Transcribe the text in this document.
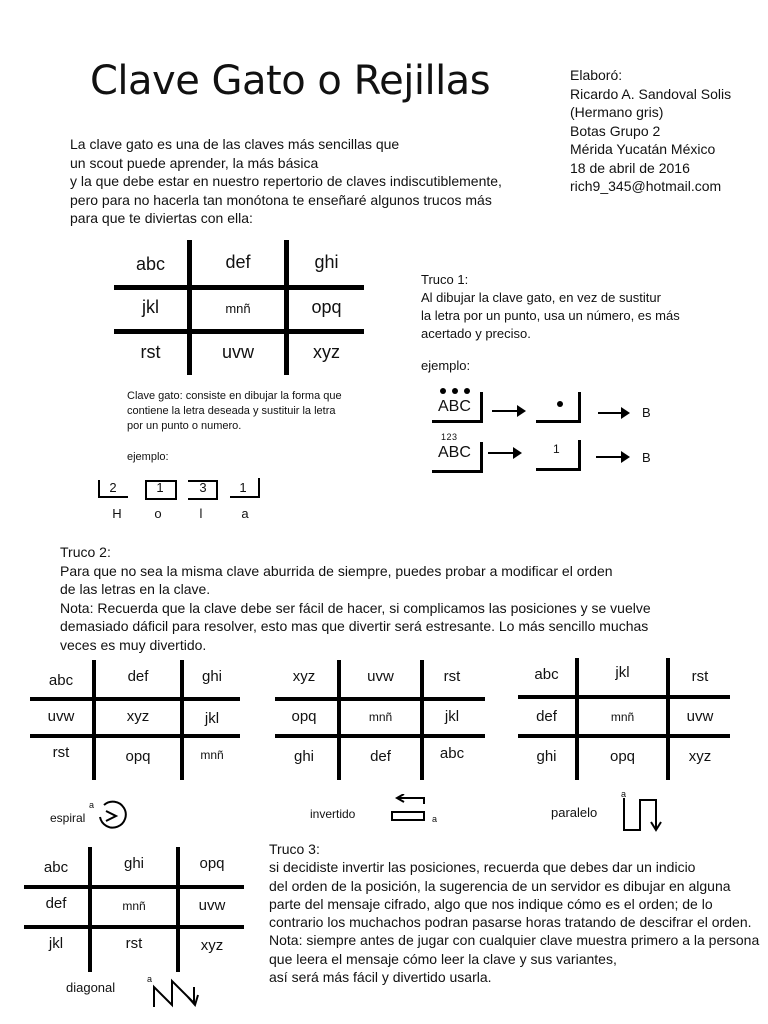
Clave Gato o Rejillas	Elaboró:
Ricardo A. Sandoval Solis
(Hermano gris)
Botas Grupo 2
Mérida Yucatán México
18 de abril de 2016
rich9_345@hotmail.com
La clave gato es una de las claves más sencillas que
un scout puede aprender, la más básica
y la que debe estar en nuestro repertorio de claves indiscutiblemente,
pero para no hacerla tan monótona te enseñaré algunos trucos más
para que te diviertas con ella:
abc	def	ghi
jkl	mnñ	opq
rst	uvw	xyz
Clave gato: consiste en dibujar la forma que
contiene la letra deseada y sustituir la letra
por un punto o numero.
ejemplo:
2	1	3	1
H	o	l	a
Truco 1:
Al dibujar la clave gato, en vez de sustitur
la letra por un punto, usa un número, es más
acertado y preciso.
ejemplo:
ABC	B
1 2 3
ABC	1
B
Truco 2:
Para que no sea la misma clave aburrida de siempre, puedes probar a modificar el orden
de las letras en la clave.
Nota: Recuerda que la clave debe ser fácil de hacer, si complicamos las posiciones y se vuelve
demasiado dáficil para resolver, esto mas que divertir será estresante. Lo más sencillo muchas
veces es muy divertido.
abc	def	ghi
uvw	xyz	jkl
rst	opq	mnñ
espiral
a
xyz	uvw	rst
opq	mnñ	jkl
ghi	def	abc
invertido	a
abc	jkl	rst
def	mnñ	uvw
ghi	opq	xyz
paralelo
a
Truco 3:
si decidiste invertir las posiciones, recuerda que debes dar un indicio
del orden de la posición, la sugerencia de un servidor es dibujar en alguna
parte del mensaje cifrado, algo que nos indique cómo es el orden; de lo
contrario los muchachos podran pasarse horas tratando de descifrar el orden.
Nota: siempre antes de jugar con cualquier clave muestra primero a la persona
que leera el mensaje cómo leer la clave y sus variantes,
así será más fácil y divertido usarla.
abc	ghi	opq
def	mnñ	uvw
jkl	rst	xyz
diagonal
a
